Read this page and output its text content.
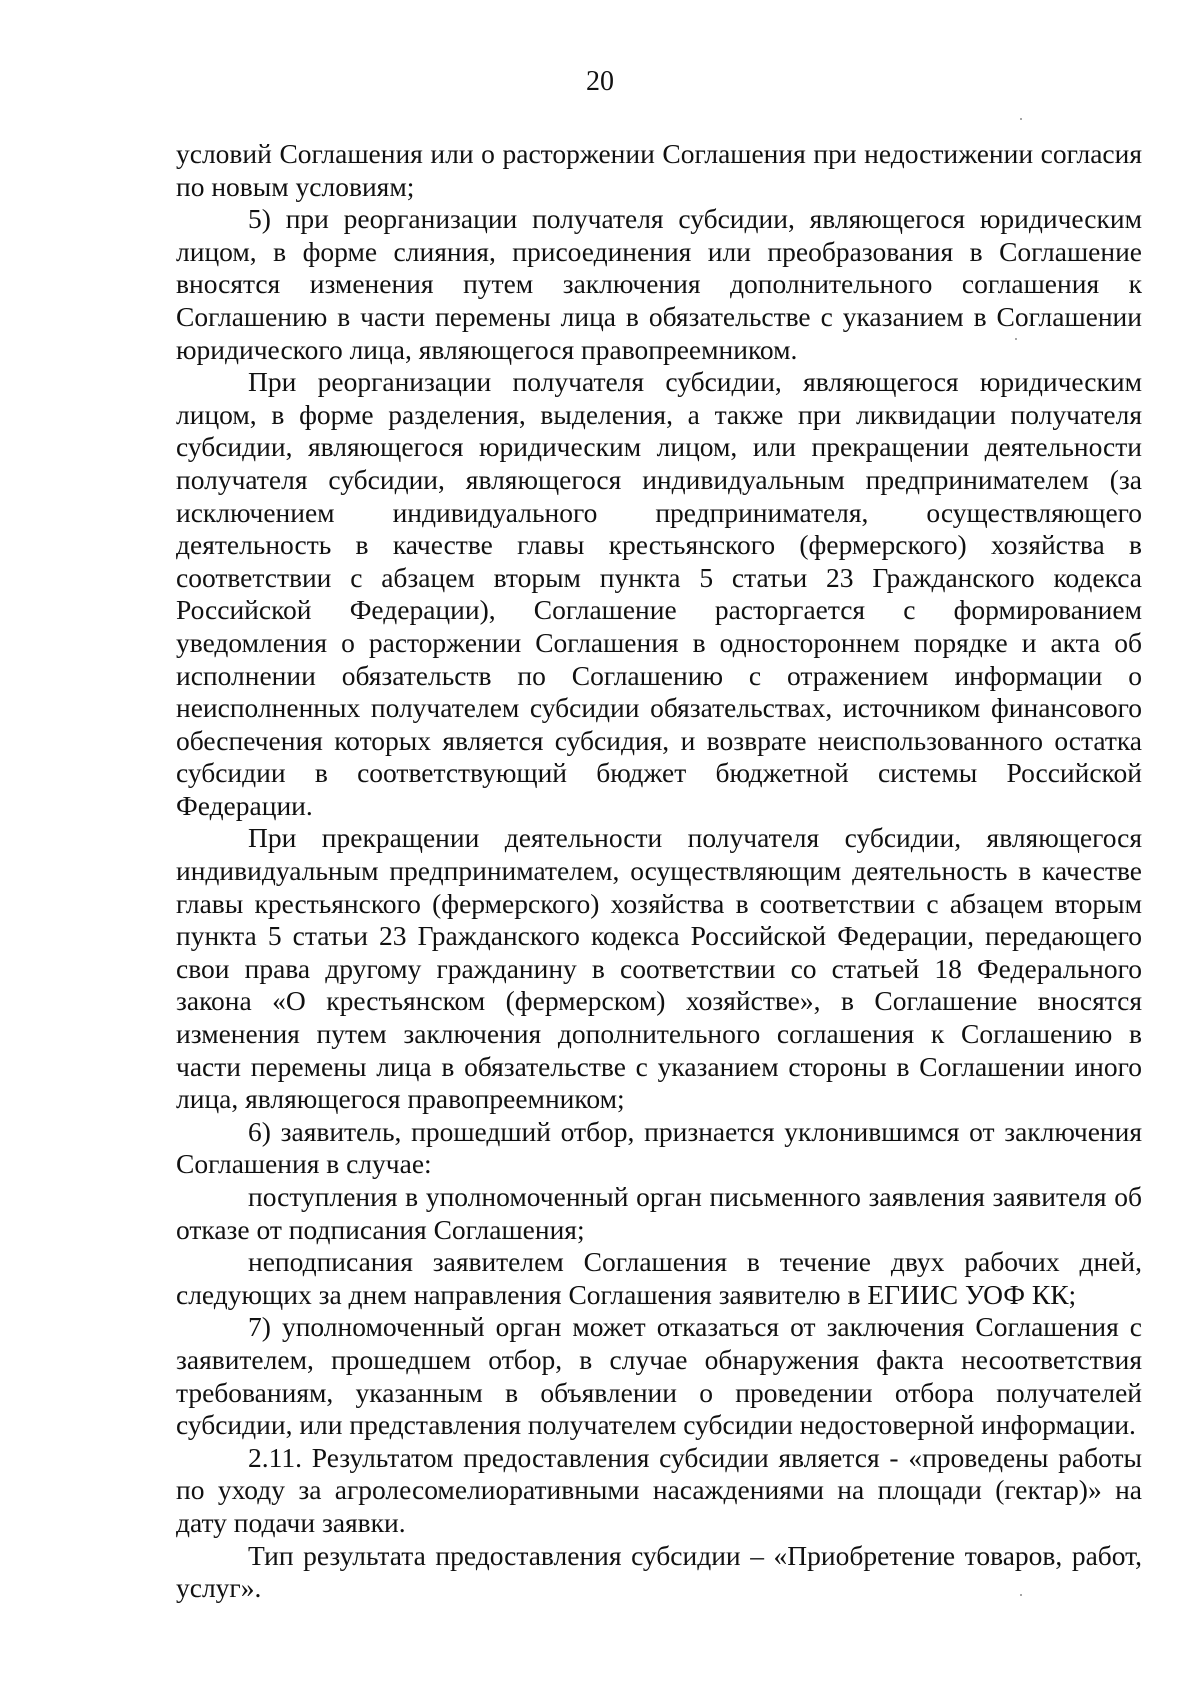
20

условий Соглашения или о расторжении Соглашения при недостижении согласия по новым условиям;

5) при реорганизации получателя субсидии, являющегося юридическим лицом, в форме слияния, присоединения или преобразования в Соглашение вносятся изменения путем заключения дополнительного соглашения к Соглашению в части перемены лица в обязательстве с указанием в Соглашении юридического лица, являющегося правопреемником.

При реорганизации получателя субсидии, являющегося юридическим лицом, в форме разделения, выделения, а также при ликвидации получателя субсидии, являющегося юридическим лицом, или прекращении деятельности получателя субсидии, являющегося индивидуальным предпринимателем (за исключением индивидуального предпринимателя, осуществляющего деятельность в качестве главы крестьянского (фермерского) хозяйства в соответствии с абзацем вторым пункта 5 статьи 23 Гражданского кодекса Российской Федерации), Соглашение расторгается с формированием уведомления о расторжении Соглашения в одностороннем порядке и акта об исполнении обязательств по Соглашению с отражением информации о неисполненных получателем субсидии обязательствах, источником финансового обеспечения которых является субсидия, и возврате неиспользованного остатка субсидии в соответствующий бюджет бюджетной системы Российской Федерации.

При прекращении деятельности получателя субсидии, являющегося индивидуальным предпринимателем, осуществляющим деятельность в качестве главы крестьянского (фермерского) хозяйства в соответствии с абзацем вторым пункта 5 статьи 23 Гражданского кодекса Российской Федерации, передающего свои права другому гражданину в соответствии со статьей 18 Федерального закона «О крестьянском (фермерском) хозяйстве», в Соглашение вносятся изменения путем заключения дополнительного соглашения к Соглашению в части перемены лица в обязательстве с указанием стороны в Соглашении иного лица, являющегося правопреемником;

6) заявитель, прошедший отбор, признается уклонившимся от заключения Соглашения в случае:

поступления в уполномоченный орган письменного заявления заявителя об отказе от подписания Соглашения;

неподписания заявителем Соглашения в течение двух рабочих дней, следующих за днем направления Соглашения заявителю в ЕГИИС УОФ КК;

7) уполномоченный орган может отказаться от заключения Соглашения с заявителем, прошедшем отбор, в случае обнаружения факта несоответствия требованиям, указанным в объявлении о проведении отбора получателей субсидии, или представления получателем субсидии недостоверной информации.

2.11. Результатом предоставления субсидии является - «проведены работы по уходу за агролесомелиоративными насаждениями на площади (гектар)» на дату подачи заявки.

Тип результата предоставления субсидии – «Приобретение товаров, работ, услуг».
